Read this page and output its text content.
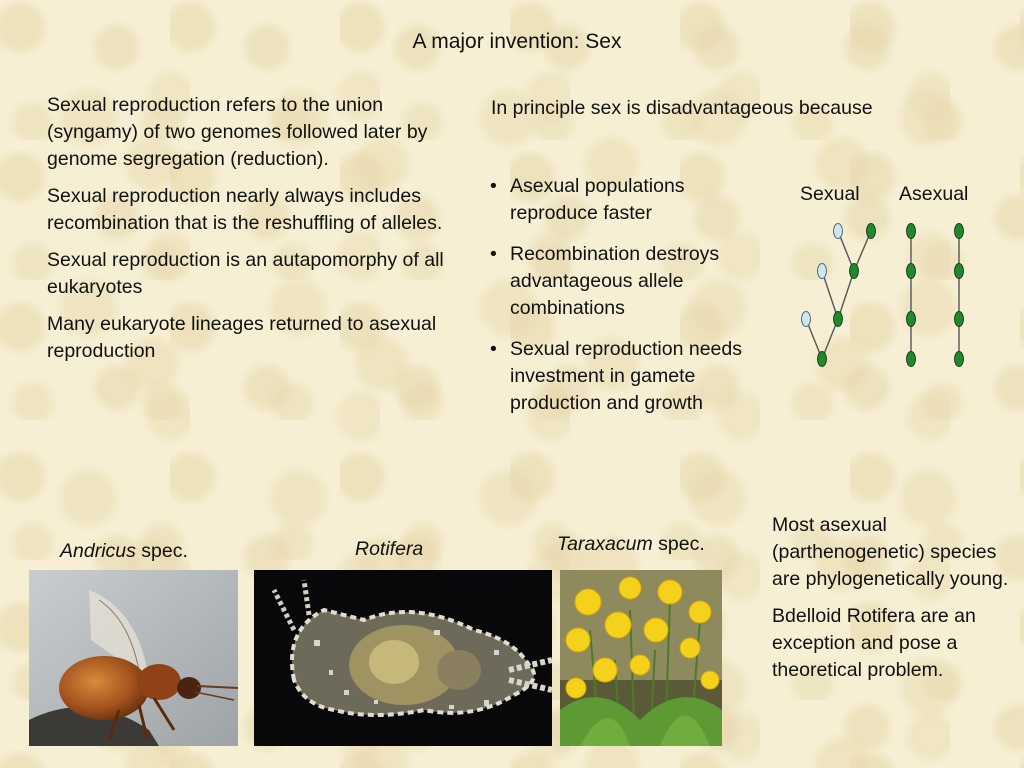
A major invention: Sex

Sexual reproduction refers to the union (syngamy) of two genomes followed later by genome segregation (reduction).

Sexual reproduction nearly always includes recombination that is the reshuffling of alleles.

Sexual reproduction is an autapomorphy of all eukaryotes

Many eukaryote lineages returned to asexual reproduction

In principle sex is disadvantageous because
• Asexual populations reproduce faster
• Recombination destroys advantageous allele combinations
• Sexual reproduction needs investment in gamete production and growth
Sexual Asexual
Andricus spec.	Rotifera	Taraxacum spec.

Most asexual (parthenogenetic) species are phylogenetically young.

Bdelloid Rotifera are an exception and pose a theoretical problem.
